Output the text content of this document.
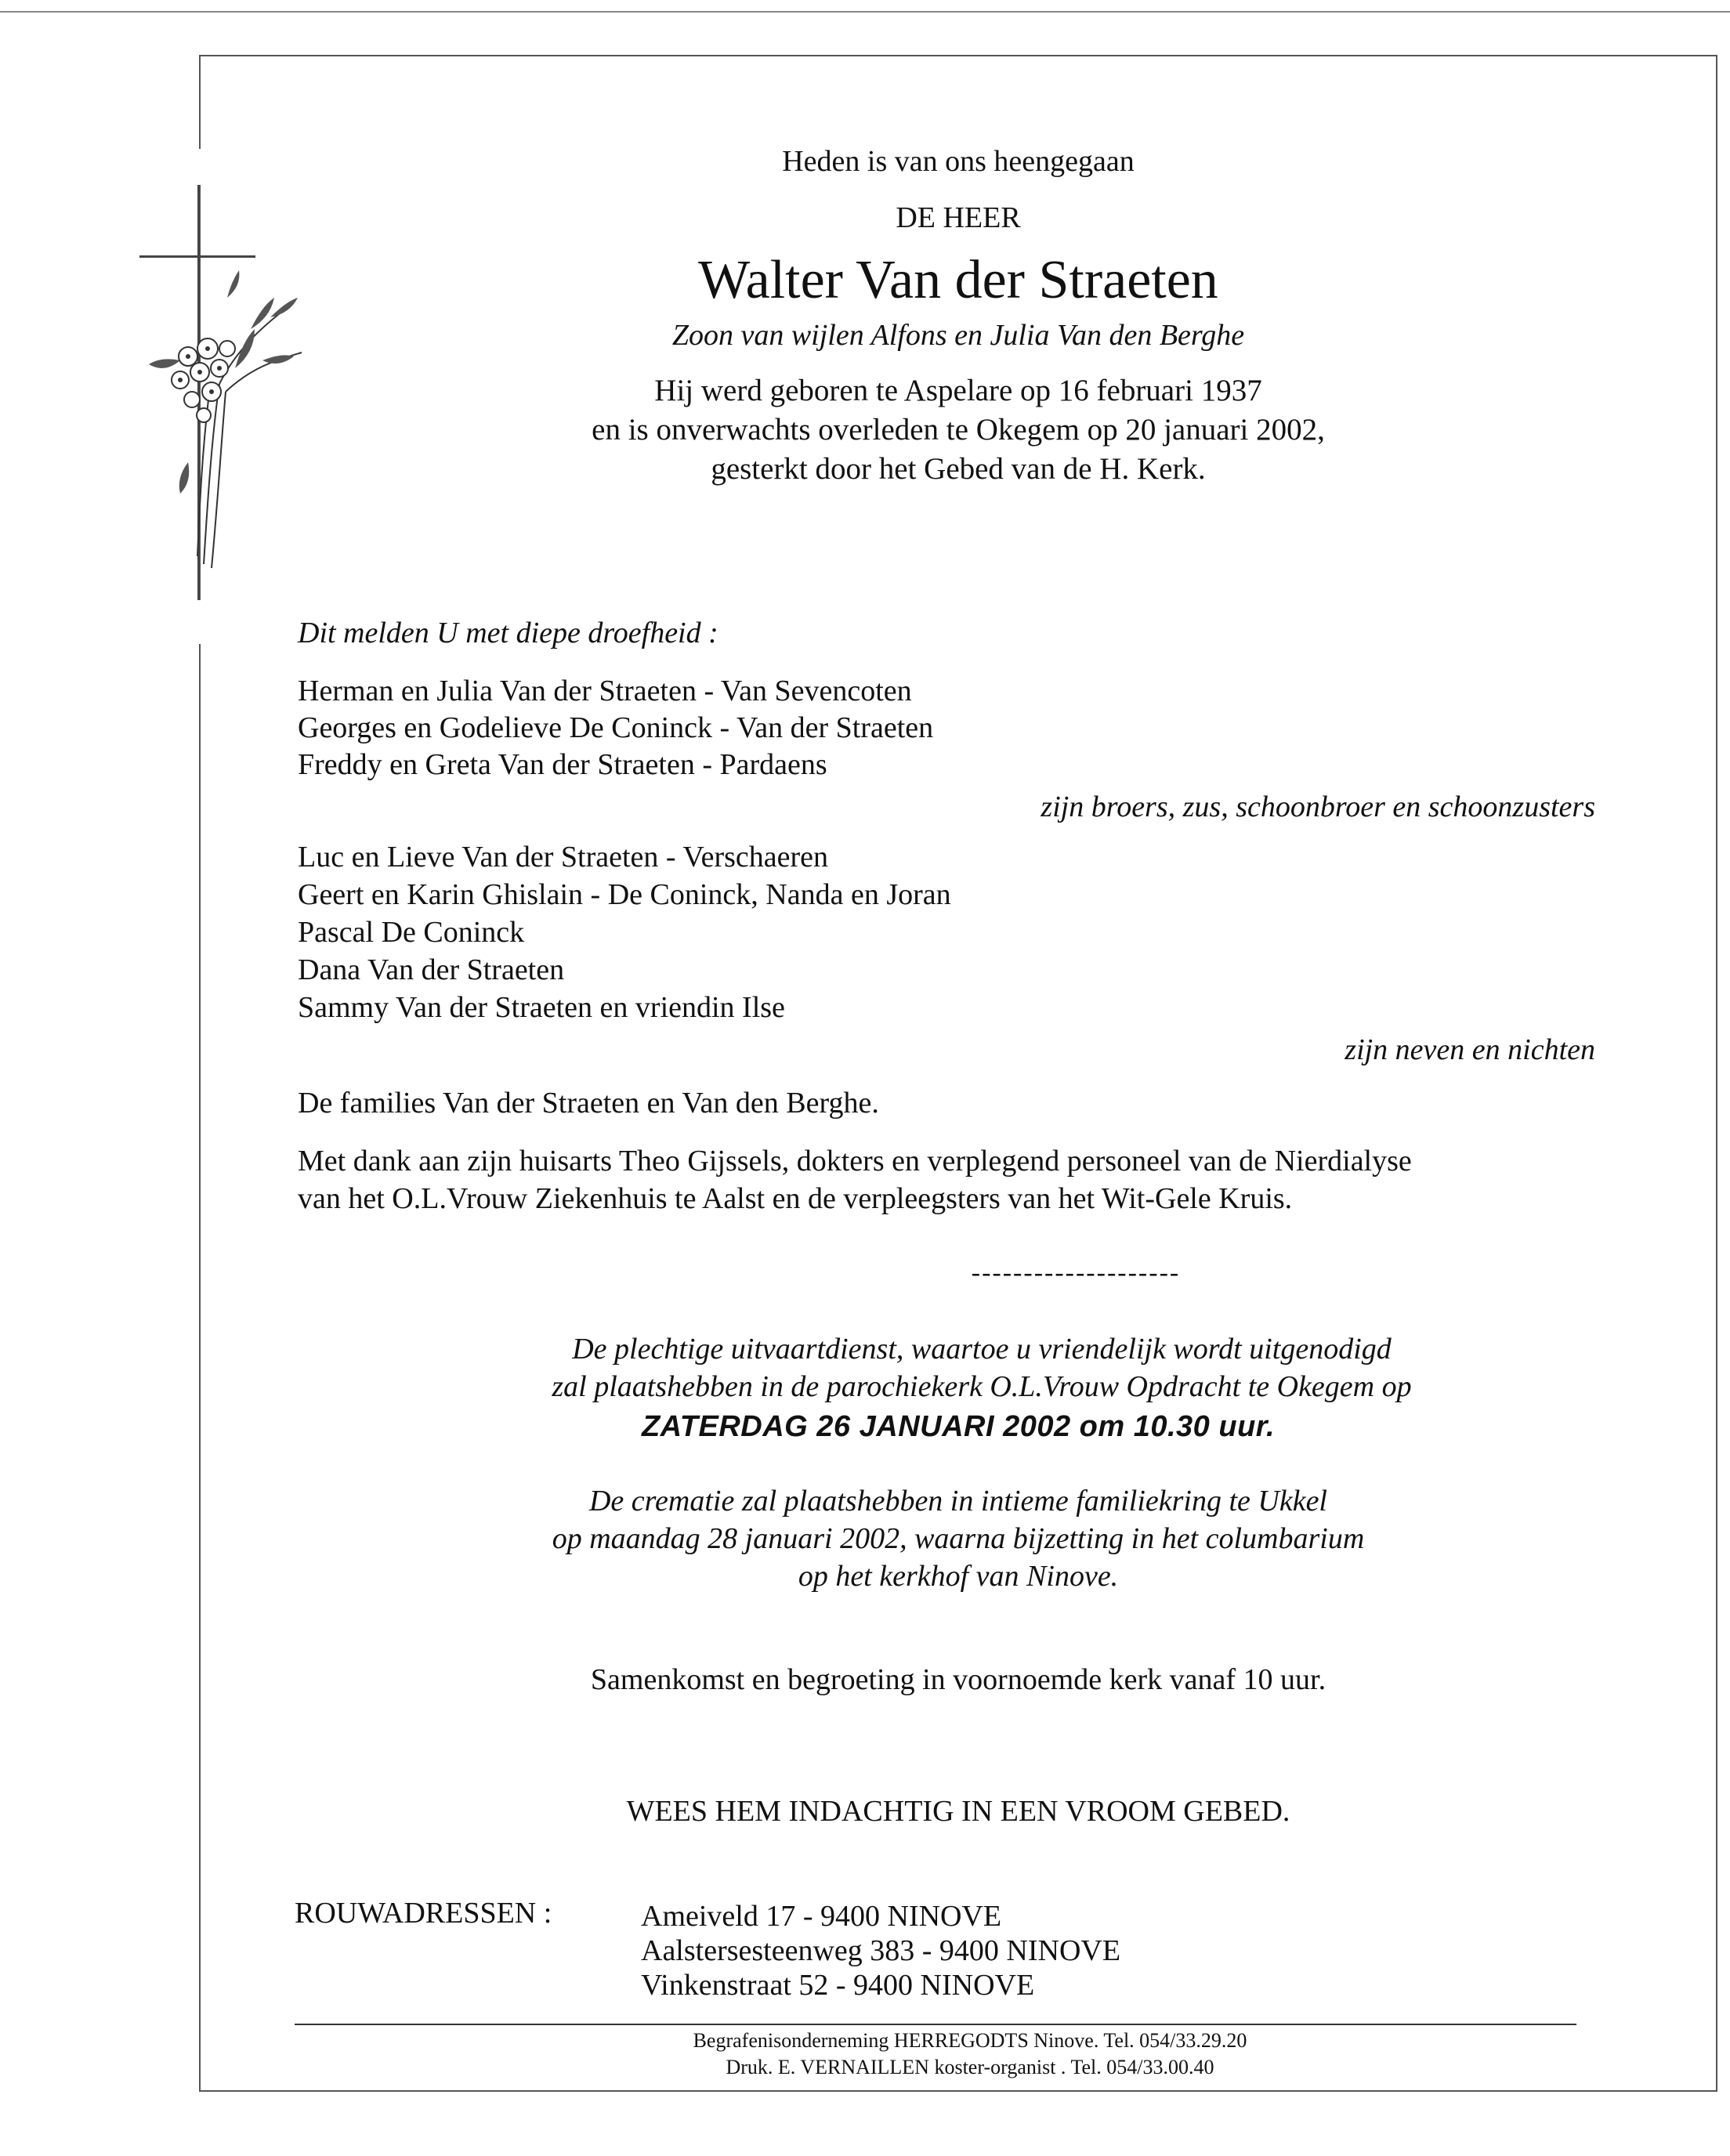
Heden is van ons heengegaan
DE HEER
Walter Van der Straeten
Zoon van wijlen Alfons en Julia Van den Berghe
Hij werd geboren te Aspelare op 16 februari 1937
en is onverwachts overleden te Okegem op 20 januari 2002,
gesterkt door het Gebed van de H. Kerk.
Dit melden U met diepe droefheid :
Herman en Julia Van der Straeten - Van Sevencoten
Georges en Godelieve De Coninck - Van der Straeten
Freddy en Greta Van der Straeten - Pardaens
zijn broers, zus, schoonbroer en schoonzusters
Luc en Lieve Van der Straeten - Verschaeren
Geert en Karin Ghislain - De Coninck, Nanda en Joran
Pascal De Coninck
Dana Van der Straeten
Sammy Van der Straeten en vriendin Ilse
zijn neven en nichten
De families Van der Straeten en Van den Berghe.
Met dank aan zijn huisarts Theo Gijssels, dokters en verplegend personeel van de Nierdialyse
van het O.L.Vrouw Ziekenhuis te Aalst en de verpleegsters van het Wit-Gele Kruis.
--------------------
De plechtige uitvaartdienst, waartoe u vriendelijk wordt uitgenodigd
zal plaatshebben in de parochiekerk O.L.Vrouw Opdracht te Okegem op
ZATERDAG 26 JANUARI 2002 om 10.30 uur.
De crematie zal plaatshebben in intieme familiekring te Ukkel
op maandag 28 januari 2002, waarna bijzetting in het columbarium
op het kerkhof van Ninove.
Samenkomst en begroeting in voornoemde kerk vanaf 10 uur.
WEES HEM INDACHTIG IN EEN VROOM GEBED.
ROUWADRESSEN :	Ameiveld 17 - 9400 NINOVE
Aalstersesteenweg 383 - 9400 NINOVE
Vinkenstraat 52 - 9400 NINOVE
Begrafenisonderneming HERREGODTS Ninove. Tel. 054/33.29.20
Druk. E. VERNAILLEN koster-organist . Tel. 054/33.00.40
